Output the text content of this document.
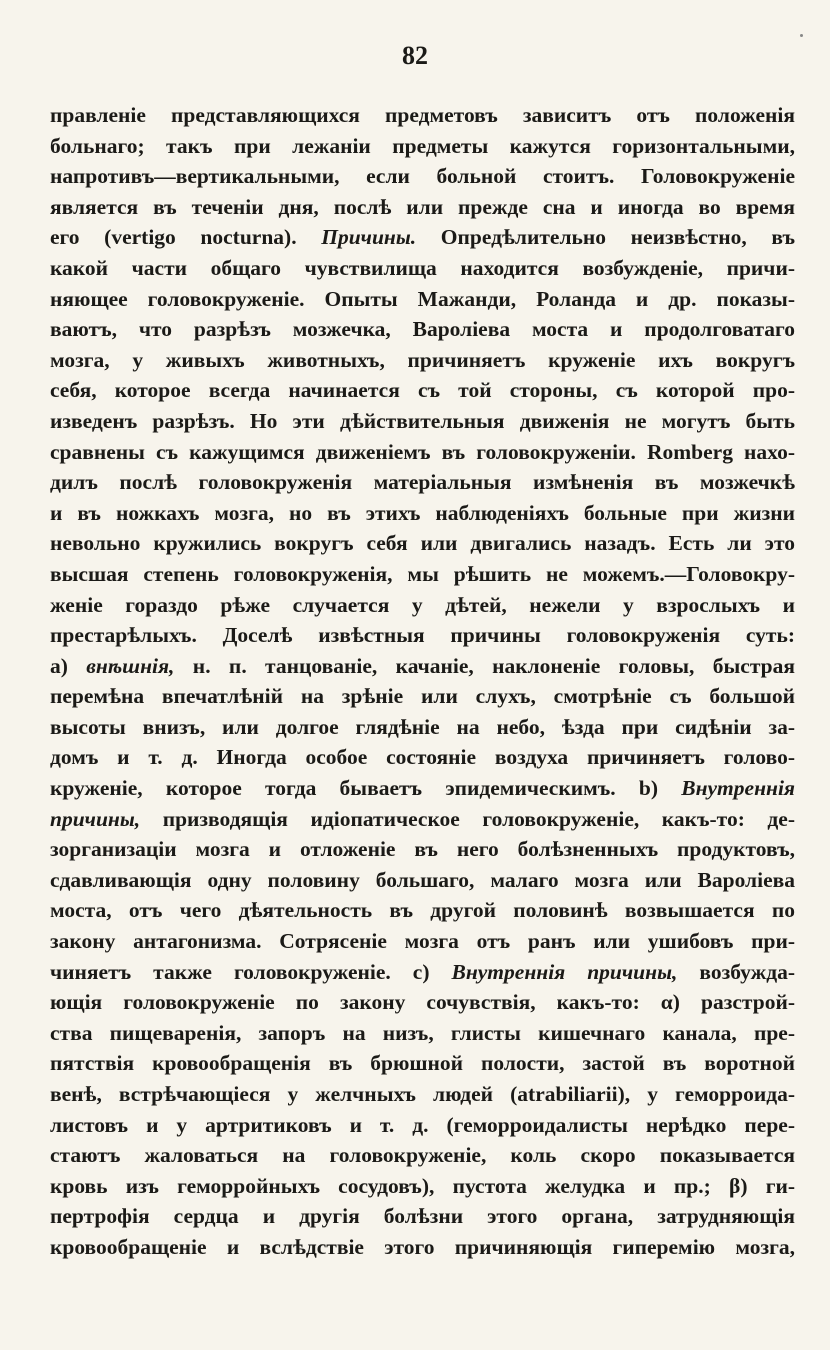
82
правленіе представляющихся предметовъ зависитъ отъ положенія
больнаго; такъ при лежаніи предметы кажутся горизонтальными,
напротивъ—вертикальными, если больной стоитъ. Головокруженіе
является въ теченіи дня, послѣ или прежде сна и иногда во время
его (vertigo nocturna). Причины. Опредѣлительно неизвѣстно, въ
какой части общаго чувствилища находится возбужденіе, причи-
няющее головокруженіе. Опыты Мажанди, Роланда и др. показы-
ваютъ, что разрѣзъ мозжечка, Вароліева моста и продолговатаго
мозга, у живыхъ животныхъ, причиняетъ круженіе ихъ вокругъ
себя, которое всегда начинается съ той стороны, съ которой про-
изведенъ разрѣзъ. Но эти дѣйствительныя движенія не могутъ быть
сравнены съ кажущимся движеніемъ въ головокруженіи. Romberg нахо-
дилъ послѣ головокруженія матеріальныя измѣненія въ мозжечкѣ
и въ ножкахъ мозга, но въ этихъ наблюденіяхъ больные при жизни
невольно кружились вокругъ себя или двигались назадъ. Есть ли это
высшая степень головокруженія, мы рѣшить не можемъ.—Головокру-
женіе гораздо рѣже случается у дѣтей, нежели у взрослыхъ и
престарѣлыхъ. Доселѣ извѣстныя причины головокруженія суть:
a) внѣшнія, н. п. танцованіе, качаніе, наклоненіе головы, быстрая
перемѣна впечатлѣній на зрѣніе или слухъ, смотрѣніе съ большой
высоты внизъ, или долгое глядѣніе на небо, ѣзда при сидѣніи за-
домъ и т. д. Иногда особое состояніе воздуха причиняетъ голово-
круженіе, которое тогда бываетъ эпидемическимъ. b) Внутреннія
причины, призводящія идіопатическое головокруженіе, какъ-то: де-
зорганизаціи мозга и отложеніе въ него болѣзненныхъ продуктовъ,
сдавливающія одну половину большаго, малаго мозга или Вароліева
моста, отъ чего дѣятельность въ другой половинѣ возвышается по
закону антагонизма. Сотрясеніе мозга отъ ранъ или ушибовъ при-
чиняетъ также головокруженіе. c) Внутреннія причины, возбужда-
ющія головокруженіе по закону сочувствія, какъ-то: α) разстрой-
ства пищеваренія, запоръ на низъ, глисты кишечнаго канала, пре-
пятствія кровообращенія въ брюшной полости, застой въ воротной
венѣ, встрѣчающіеся у желчныхъ людей (atrabiliarii), у геморроида-
листовъ и у артритиковъ и т. д. (геморроидалисты нерѣдко пере-
стаютъ жаловаться на головокруженіе, коль скоро показывается
кровь изъ геморройныхъ сосудовъ), пустота желудка и пр.; β) ги-
пертрофія сердца и другія болѣзни этого органа, затрудняющія
кровообращеніе и вслѣдствіе этого причиняющія гиперемію мозга,
